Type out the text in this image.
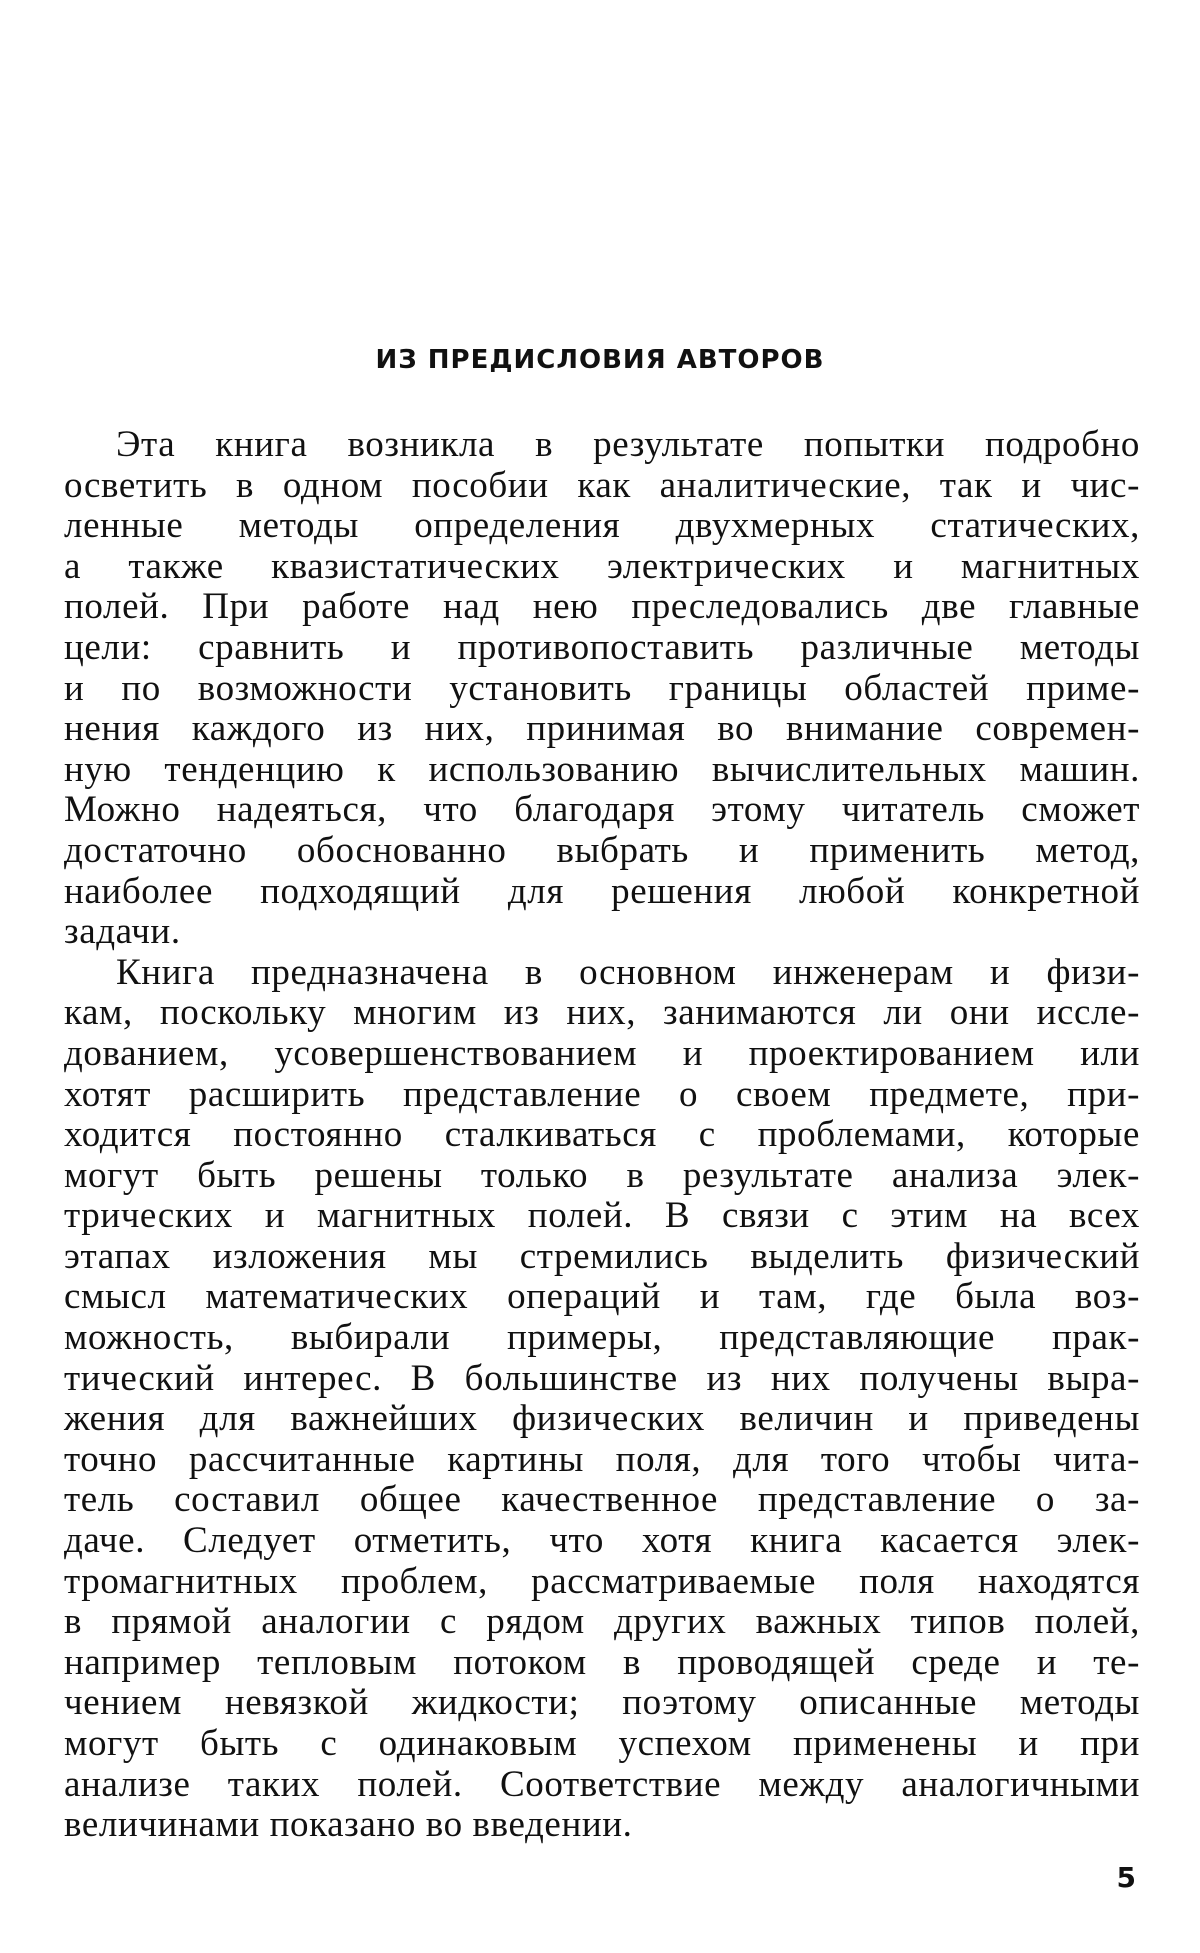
ИЗ ПРЕДИСЛОВИЯ АВТОРОВ
Эта книга возникла в результате попытки подробно
осветить в одном пособии как аналитические, так и чис-
ленные методы определения двухмерных статических,
а также квазистатических электрических и магнитных
полей. При работе над нею преследовались две главные
цели: сравнить и противопоставить различные методы
и по возможности установить границы областей приме-
нения каждого из них, принимая во внимание современ-
ную тенденцию к использованию вычислительных машин.
Можно надеяться, что благодаря этому читатель сможет
достаточно обоснованно выбрать и применить метод,
наиболее подходящий для решения любой конкретной
задачи.
Книга предназначена в основном инженерам и физи-
кам, поскольку многим из них, занимаются ли они иссле-
дованием, усовершенствованием и проектированием или
хотят расширить представление о своем предмете, при-
ходится постоянно сталкиваться с проблемами, которые
могут быть решены только в результате анализа элек-
трических и магнитных полей. В связи с этим на всех
этапах изложения мы стремились выделить физический
смысл математических операций и там, где была воз-
можность, выбирали примеры, представляющие прак-
тический интерес. В большинстве из них получены выра-
жения для важнейших физических величин и приведены
точно рассчитанные картины поля, для того чтобы чита-
тель составил общее качественное представление о за-
даче. Следует отметить, что хотя книга касается элек-
тромагнитных проблем, рассматриваемые поля находятся
в прямой аналогии с рядом других важных типов полей,
например тепловым потоком в проводящей среде и те-
чением невязкой жидкости; поэтому описанные методы
могут быть с одинаковым успехом применены и при
анализе таких полей. Соответствие между аналогичными
величинами показано во введении.
5
